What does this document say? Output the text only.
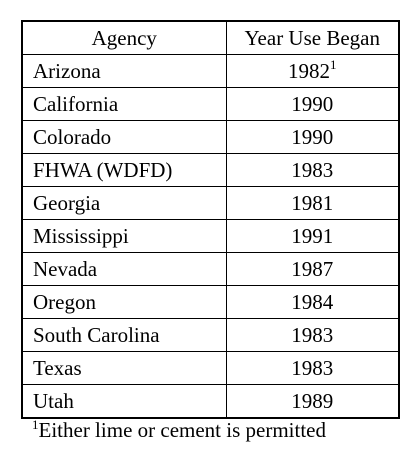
Agency	Year Use Began
Arizona	1982$^1$
California	1990
Colorado	1990
FHWA (WDFD)	1983
Georgia	1981
Mississippi	1991
Nevada	1987
Oregon	1984
South Carolina	1983
Texas	1983
Utah	1989
$^1$Either lime or cement is permitted
